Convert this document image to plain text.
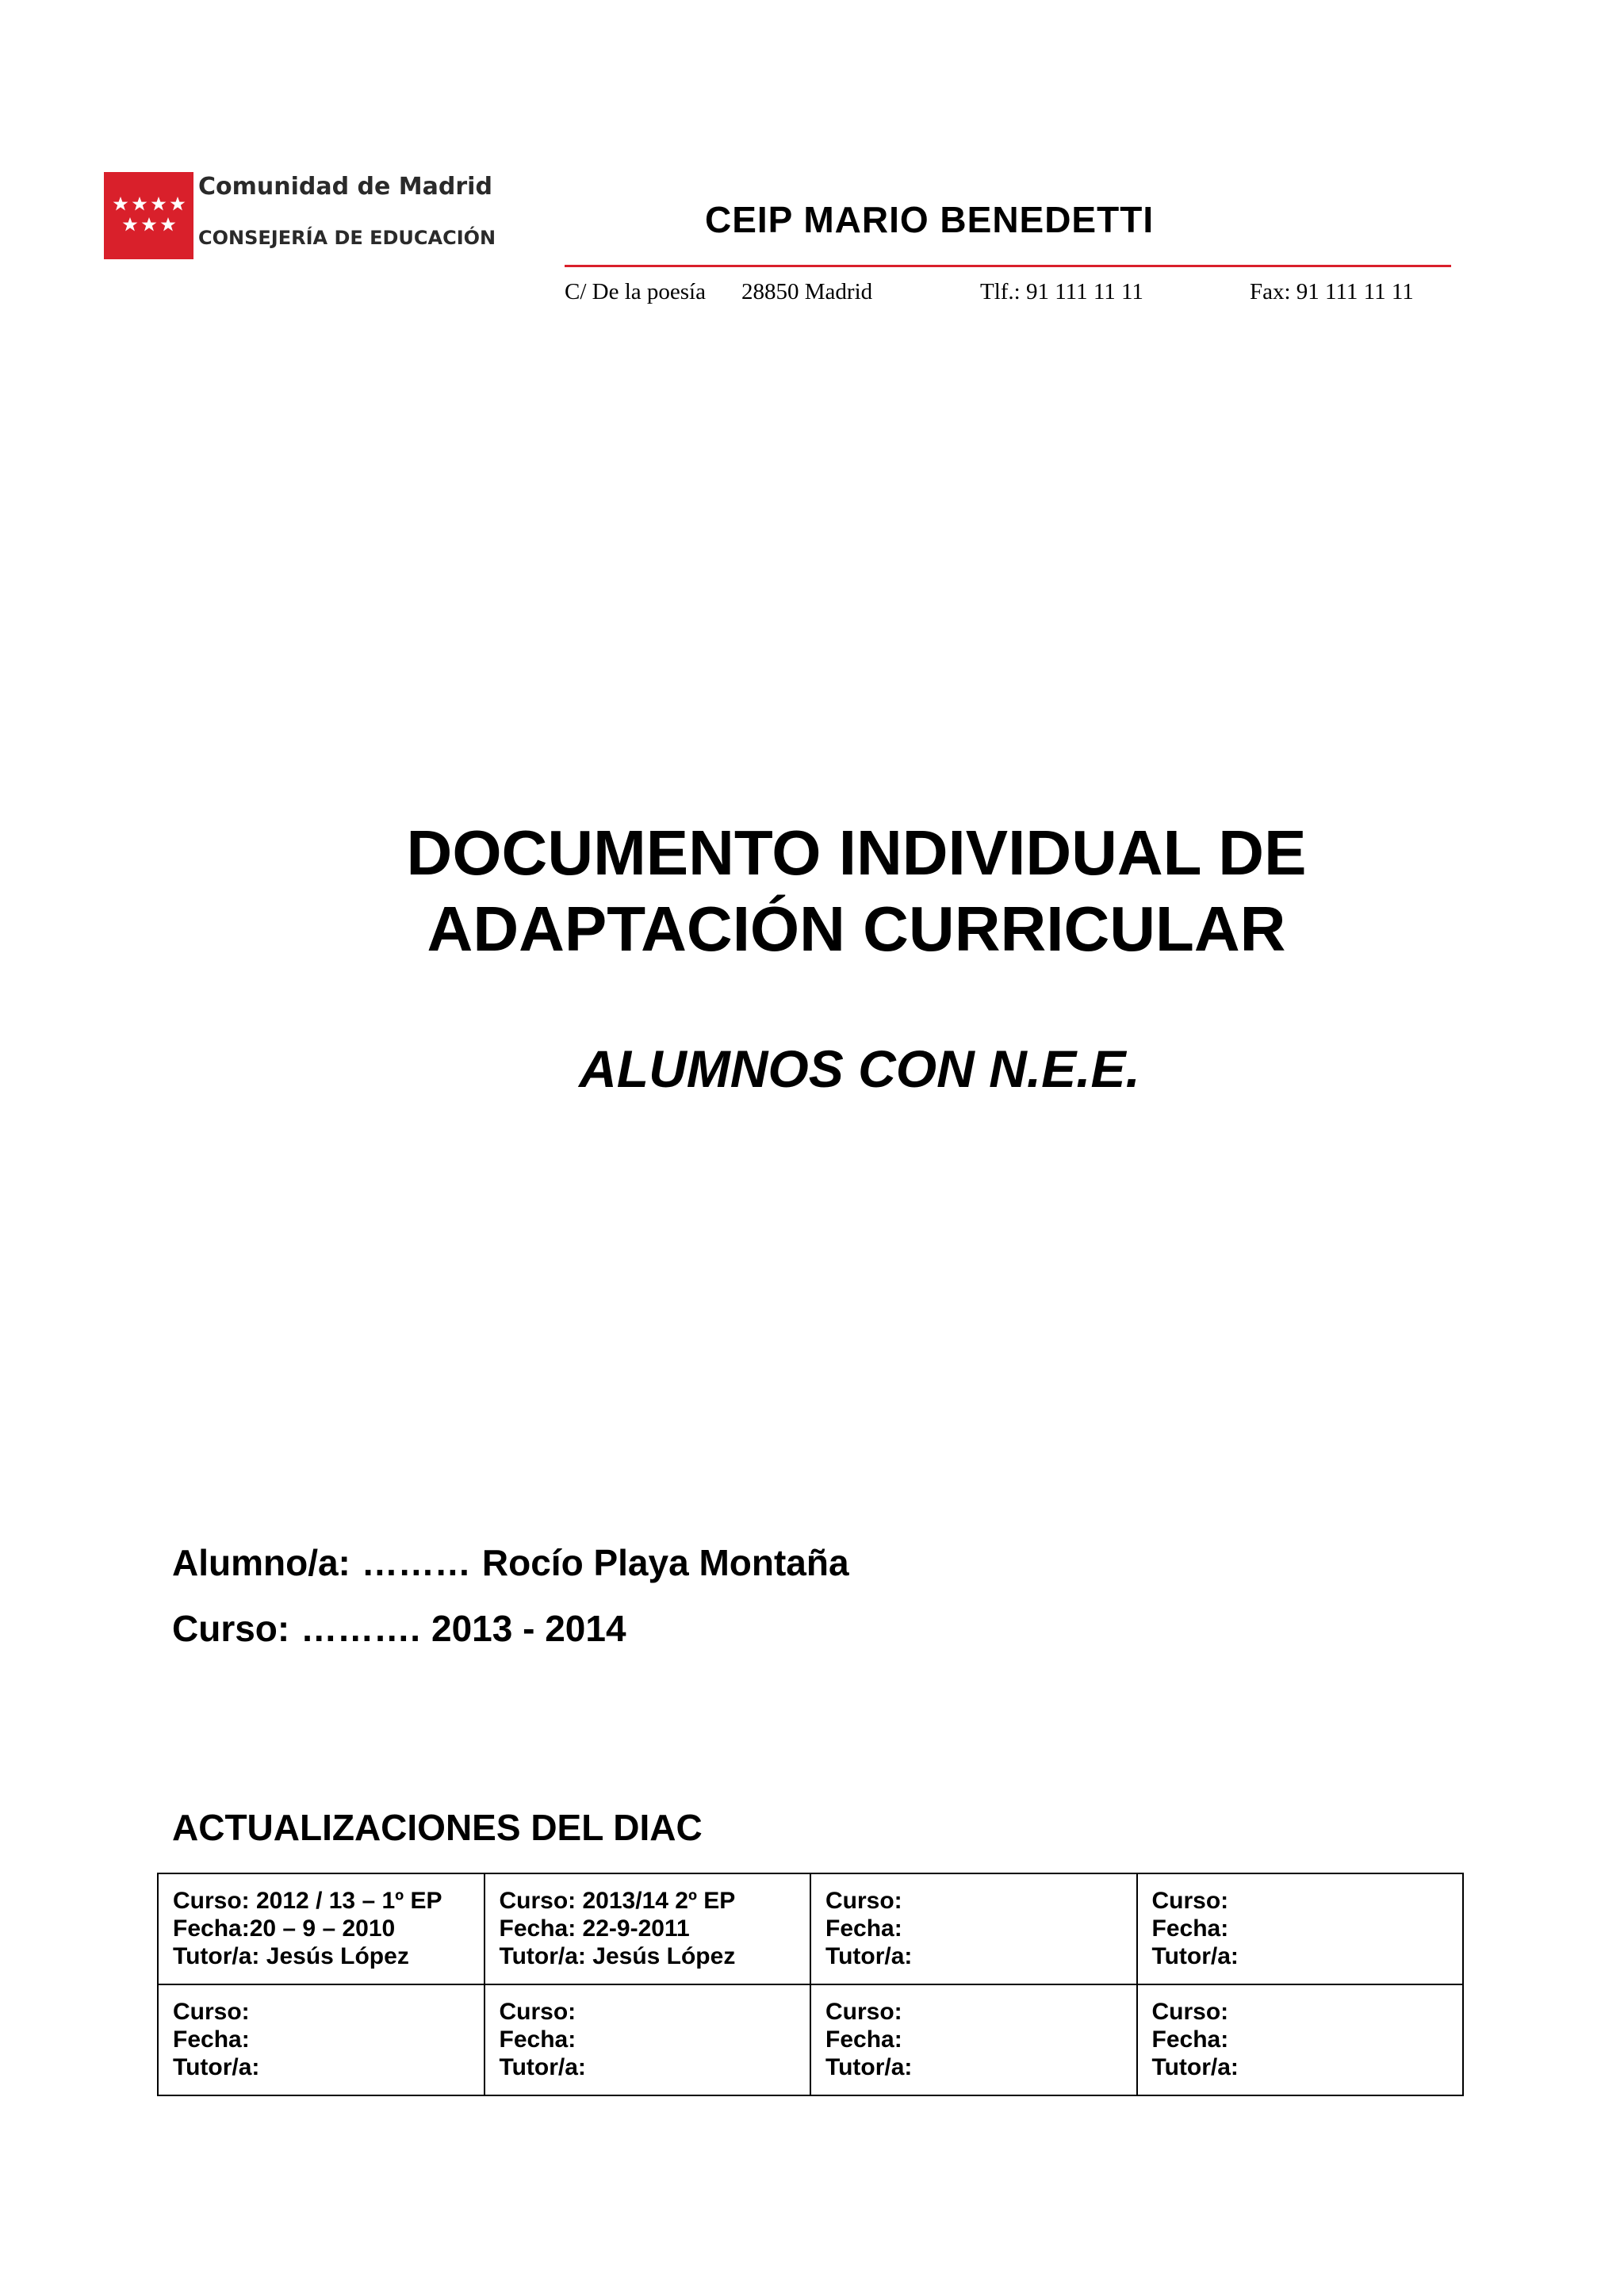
Comunidad de Madrid
CONSEJERÍA DE EDUCACIÓN	CEIP MARIO BENEDETTI
C/ De la poesía 28850 Madrid	Tlf.: 91 111 11 11	Fax: 91 111 11 11
DOCUMENTO INDIVIDUAL DE
ADAPTACIÓN CURRICULAR
ALUMNOS CON N.E.E.
Alumno/a: ……… Rocío Playa Montaña
Curso: ………. 2013 - 2014
ACTUALIZACIONES DEL DIAC
Curso: 2012 / 13 – 1º EP
Fecha:20 – 9 – 2010
Tutor/a: Jesús López	Curso: 2013/14 2º EP
Fecha: 22-9-2011
Tutor/a: Jesús López	Curso:
Fecha:
Tutor/a:	Curso:
Fecha:
Tutor/a:

Curso:
Fecha:
Tutor/a:	Curso:
Fecha:
Tutor/a:	Curso:
Fecha:
Tutor/a:	Curso:
Fecha:
Tutor/a:
